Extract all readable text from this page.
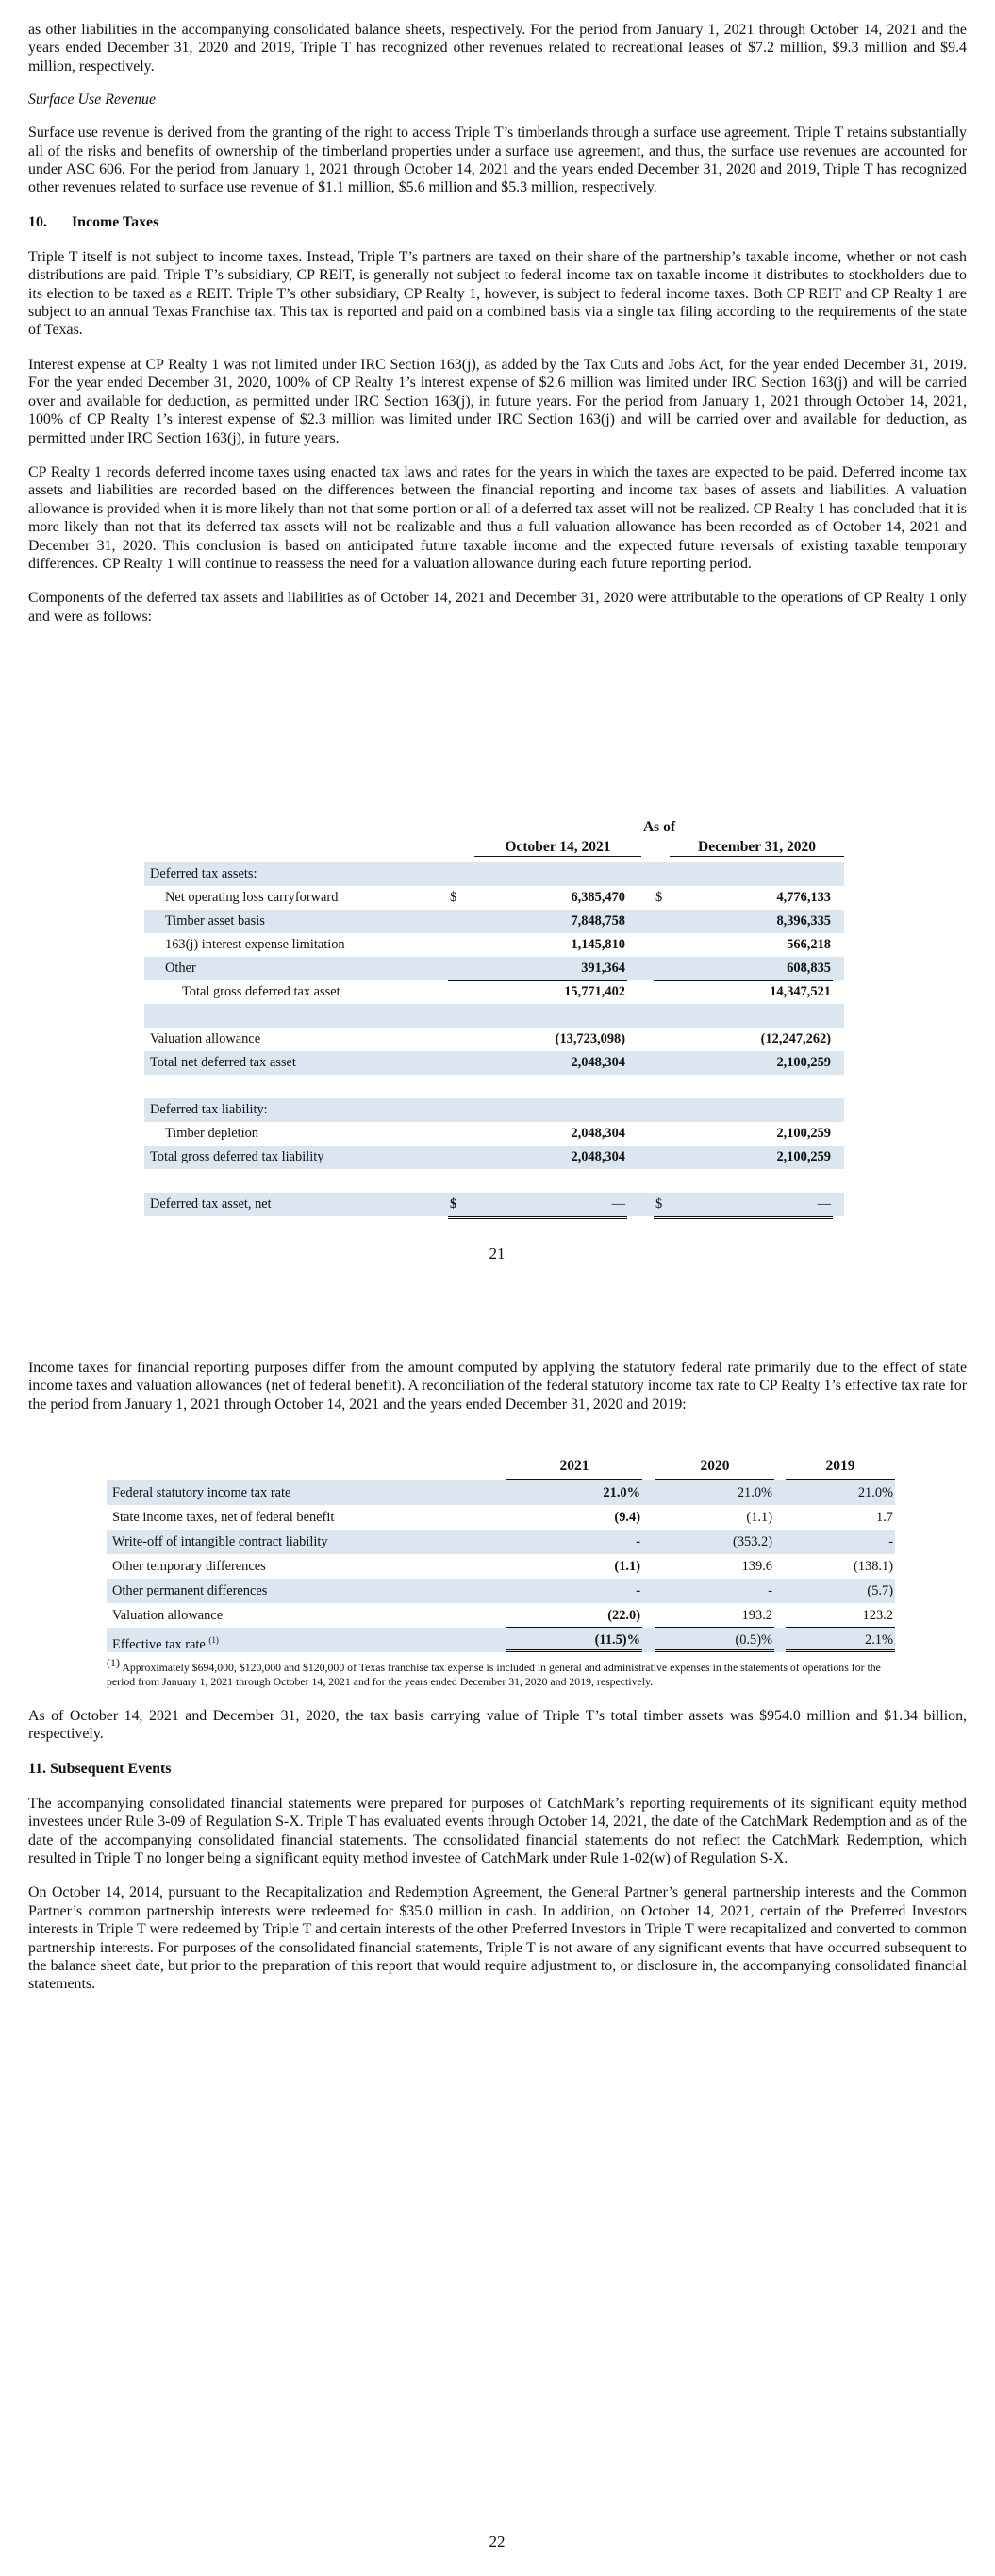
as other liabilities in the accompanying consolidated balance sheets, respectively. For the period from January 1, 2021 through October 14, 2021 and the years ended December 31, 2020 and 2019, Triple T has recognized other revenues related to recreational leases of $7.2 million, $9.3 million and $9.4 million, respectively.

Surface Use Revenue

Surface use revenue is derived from the granting of the right to access Triple T’s timberlands through a surface use agreement. Triple T retains substantially all of the risks and benefits of ownership of the timberland properties under a surface use agreement, and thus, the surface use revenues are accounted for under ASC 606. For the period from January 1, 2021 through October 14, 2021 and the years ended December 31, 2020 and 2019, Triple T has recognized other revenues related to surface use revenue of $1.1 million, $5.6 million and $5.3 million, respectively.

10. Income Taxes

Triple T itself is not subject to income taxes. Instead, Triple T’s partners are taxed on their share of the partnership’s taxable income, whether or not cash distributions are paid. Triple T’s subsidiary, CP REIT, is generally not subject to federal income tax on taxable income it distributes to stockholders due to its election to be taxed as a REIT. Triple T’s other subsidiary, CP Realty 1, however, is subject to federal income taxes. Both CP REIT and CP Realty 1 are subject to an annual Texas Franchise tax. This tax is reported and paid on a combined basis via a single tax filing according to the requirements of the state of Texas.

Interest expense at CP Realty 1 was not limited under IRC Section 163(j), as added by the Tax Cuts and Jobs Act, for the year ended December 31, 2019. For the year ended December 31, 2020, 100% of CP Realty 1’s interest expense of $2.6 million was limited under IRC Section 163(j) and will be carried over and available for deduction, as permitted under IRC Section 163(j), in future years. For the period from January 1, 2021 through October 14, 2021, 100% of CP Realty 1’s interest expense of $2.3 million was limited under IRC Section 163(j) and will be carried over and available for deduction, as permitted under IRC Section 163(j), in future years.

CP Realty 1 records deferred income taxes using enacted tax laws and rates for the years in which the taxes are expected to be paid. Deferred income tax assets and liabilities are recorded based on the differences between the financial reporting and income tax bases of assets and liabilities. A valuation allowance is provided when it is more likely than not that some portion or all of a deferred tax asset will not be realized. CP Realty 1 has concluded that it is more likely than not that its deferred tax assets will not be realizable and thus a full valuation allowance has been recorded as of October 14, 2021 and December 31, 2020. This conclusion is based on anticipated future taxable income and the expected future reversals of existing taxable temporary differences. CP Realty 1 will continue to reassess the need for a valuation allowance during each future reporting period.

Components of the deferred tax assets and liabilities as of October 14, 2021 and December 31, 2020 were attributable to the operations of CP Realty 1 only and were as follows:

As of
October 14, 2021	December 31, 2020
Deferred tax assets:
Net operating loss carryforward	$	6,385,470 $	4,776,133
Timber asset basis	7,848,758	8,396,335
163(j) interest expense limitation	1,145,810	566,218
Other	391,364	608,835
Total gross deferred tax asset	15,771,402	14,347,521
Valuation allowance	(13,723,098)	(12,247,262)
Total net deferred tax asset	2,048,304	2,100,259
Deferred tax liability:
Timber depletion	2,048,304	2,100,259
Total gross deferred tax liability	2,048,304	2,100,259
Deferred tax asset, net	$	— $	—
21

Income taxes for financial reporting purposes differ from the amount computed by applying the statutory federal rate primarily due to the effect of state income taxes and valuation allowances (net of federal benefit). A reconciliation of the federal statutory income tax rate to CP Realty 1’s effective tax rate for the period from January 1, 2021 through October 14, 2021 and the years ended December 31, 2020 and 2019:

2021	2020	2019
Federal statutory income tax rate	21.0%	21.0%	21.0%
State income taxes, net of federal benefit	(9.4)	(1.1)	1.7
Write-off of intangible contract liability	-	(353.2)	-
Other temporary differences	(1.1)	139.6	(138.1)
Other permanent differences	-	-	(5.7)
Valuation allowance	(22.0)	193.2	123.2
Effective tax rate $^{(1)}$	(11.5)%	(0.5)%	2.1%
$^{(1)}$ Approximately $694,000, $120,000 and $120,000 of Texas franchise tax expense is included in general and administrative expenses in the statements of operations for the period from January 1, 2021 through October 14, 2021 and for the years ended December 31, 2020 and 2019, respectively.

As of October 14, 2021 and December 31, 2020, the tax basis carrying value of Triple T’s total timber assets was $954.0 million and $1.34 billion, respectively.

11. Subsequent Events

The accompanying consolidated financial statements were prepared for purposes of CatchMark’s reporting requirements of its significant equity method investees under Rule 3-09 of Regulation S-X. Triple T has evaluated events through October 14, 2021, the date of the CatchMark Redemption and as of the date of the accompanying consolidated financial statements. The consolidated financial statements do not reflect the CatchMark Redemption, which resulted in Triple T no longer being a significant equity method investee of CatchMark under Rule 1-02(w) of Regulation S-X.

On October 14, 2014, pursuant to the Recapitalization and Redemption Agreement, the General Partner’s general partnership interests and the Common Partner’s common partnership interests were redeemed for $35.0 million in cash. In addition, on October 14, 2021, certain of the Preferred Investors interests in Triple T were redeemed by Triple T and certain interests of the other Preferred Investors in Triple T were recapitalized and converted to common partnership interests. For purposes of the consolidated financial statements, Triple T is not aware of any significant events that have occurred subsequent to the balance sheet date, but prior to the preparation of this report that would require adjustment to, or disclosure in, the accompanying consolidated financial statements.

22
